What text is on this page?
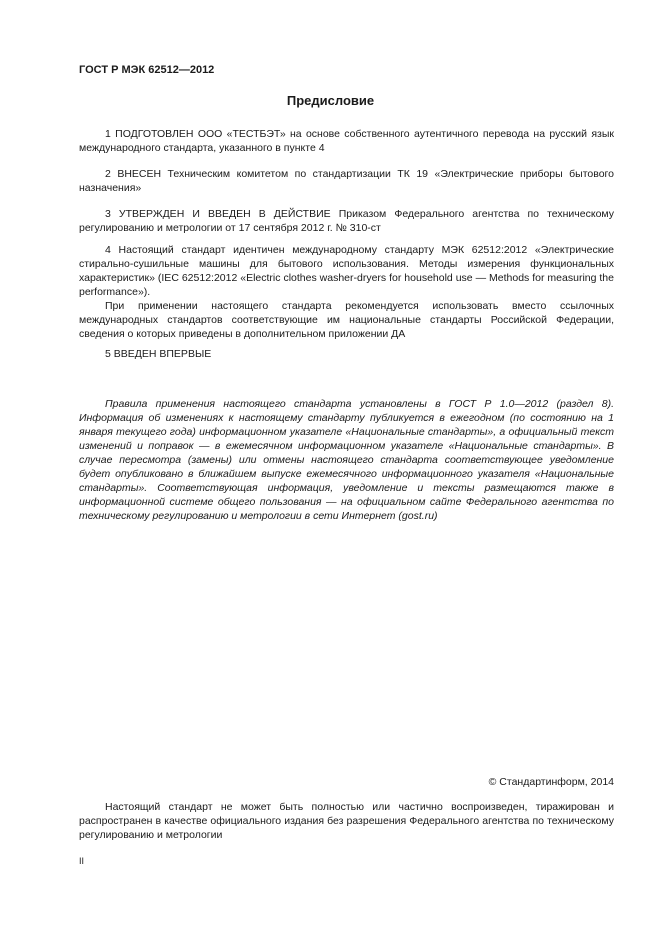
ГОСТ Р МЭК 62512—2012
Предисловие

1 ПОДГОТОВЛЕН ООО «ТЕСТБЭТ» на основе собственного аутентичного перевода на русский язык международного стандарта, указанного в пункте 4

2 ВНЕСЕН Техническим комитетом по стандартизации ТК 19 «Электрические приборы бытового назначения»

3 УТВЕРЖДЕН И ВВЕДЕН В ДЕЙСТВИЕ Приказом Федерального агентства по техническому регулированию и метрологии от 17 сентября 2012 г. № 310-ст

4 Настоящий стандарт идентичен международному стандарту МЭК 62512:2012 «Электрические стирально-сушильные машины для бытового использования. Методы измерения функциональных характеристик» (IEC 62512:2012 «Electric clothes washer-dryers for household use — Methods for measuring the performance»).

При применении настоящего стандарта рекомендуется использовать вместо ссылочных международных стандартов соответствующие им национальные стандарты Российской Федерации, сведения о которых приведены в дополнительном приложении ДА

5 ВВЕДЕН ВПЕРВЫЕ

Правила применения настоящего стандарта установлены в ГОСТ Р 1.0—2012 (раздел 8). Информация об изменениях к настоящему стандарту публикуется в ежегодном (по состоянию на 1 января текущего года) информационном указателе «Национальные стандарты», а официальный текст изменений и поправок — в ежемесячном информационном указателе «Национальные стандарты». В случае пересмотра (замены) или отмены настоящего стандарта соответствующее уведомление будет опубликовано в ближайшем выпуске ежемесячного информационного указателя «Национальные стандарты». Соответствующая информация, уведомление и тексты размещаются также в информационной системе общего пользования — на официальном сайте Федерального агентства по техническому регулированию и метрологии в сети Интернет (gost.ru)

© Стандартинформ, 2014

Настоящий стандарт не может быть полностью или частично воспроизведен, тиражирован и распространен в качестве официального издания без разрешения Федерального агентства по техническому регулированию и метрологии

II
